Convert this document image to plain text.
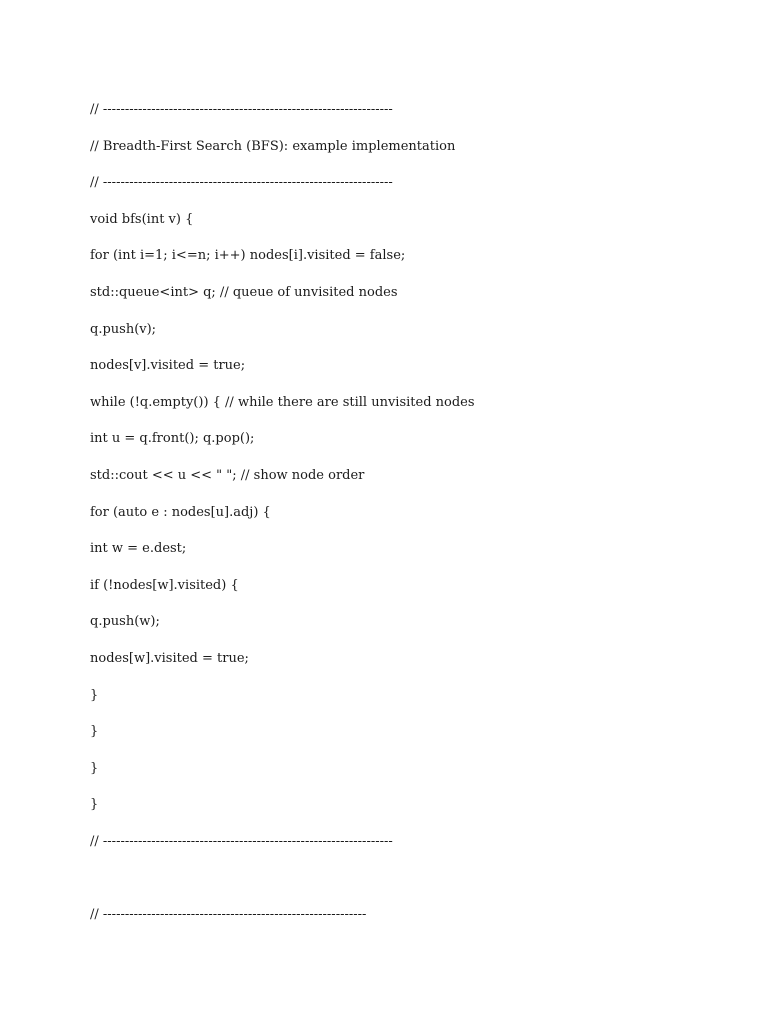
// ------------------------------------------------------------------
// Breadth-First Search (BFS): example implementation
// ------------------------------------------------------------------
void bfs(int v) {
for (int i=1; i<=n; i++) nodes[i].visited = false;
std::queue<int> q; // queue of unvisited nodes
q.push(v);
nodes[v].visited = true;
while (!q.empty()) { // while there are still unvisited nodes
int u = q.front(); q.pop();
std::cout << u << " "; // show node order
for (auto e : nodes[u].adj) {
int w = e.dest;
if (!nodes[w].visited) {
q.push(w);
nodes[w].visited = true;
}
}
}
}
// ------------------------------------------------------------------
// ------------------------------------------------------------
